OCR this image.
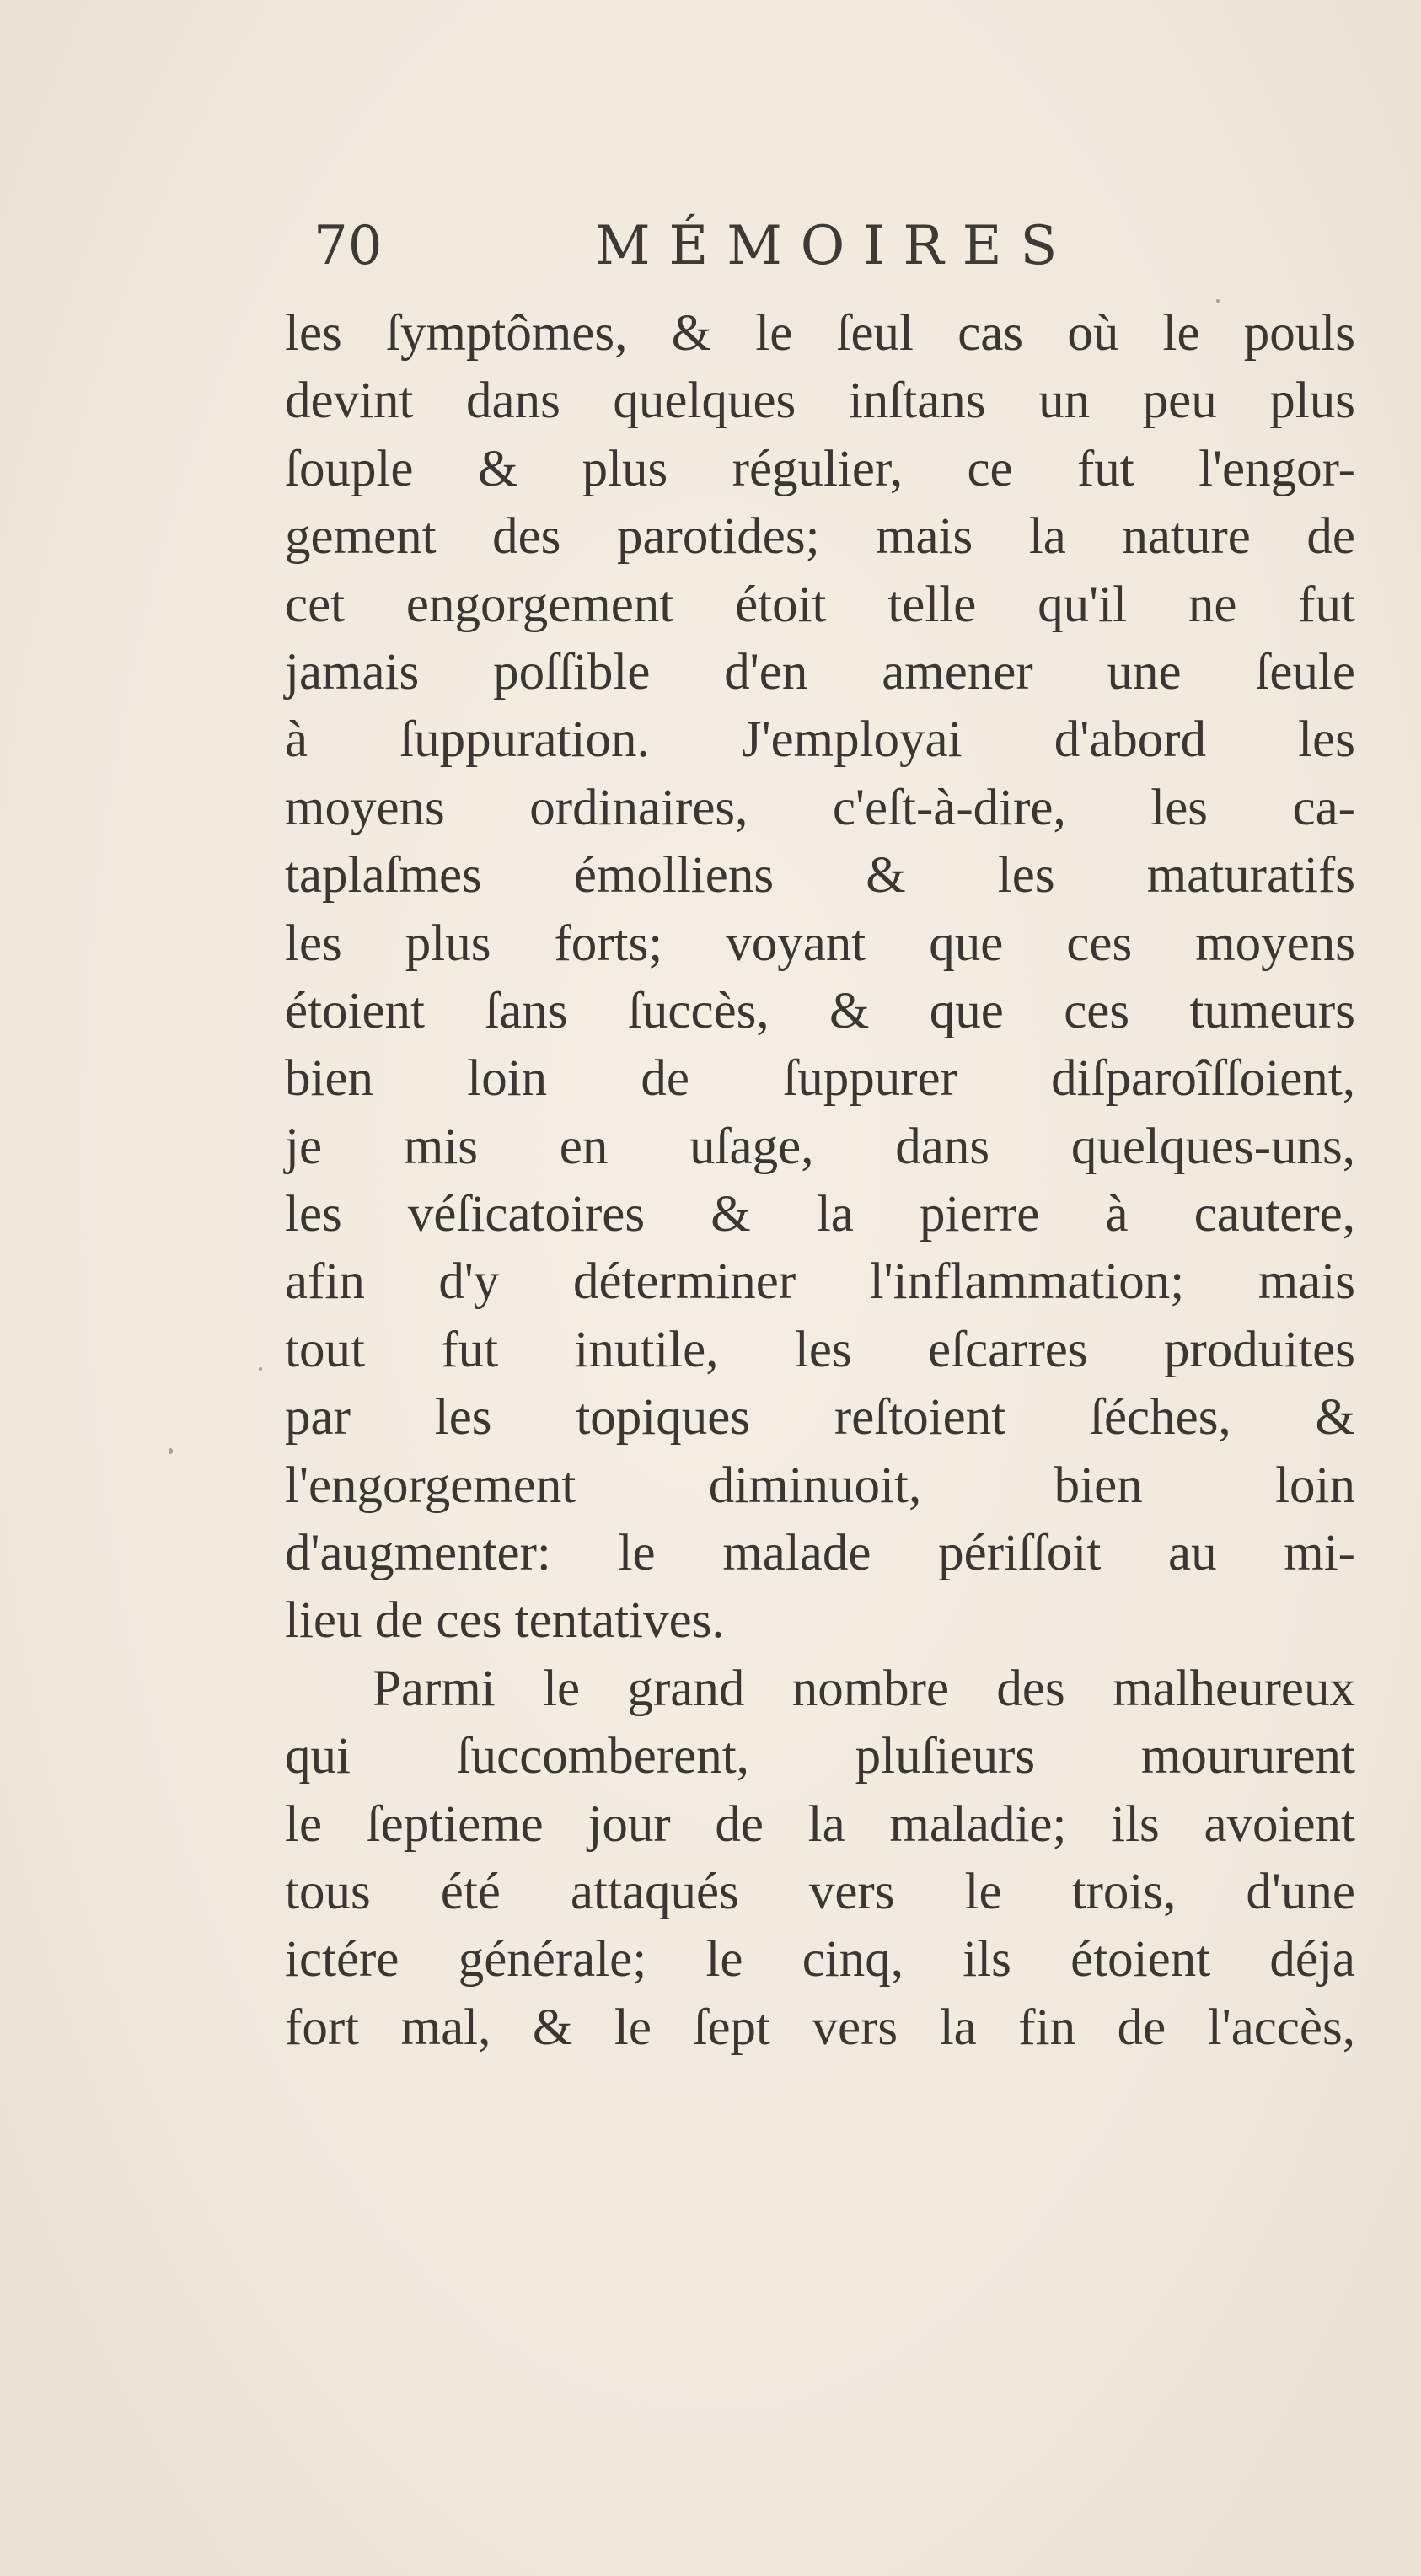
70	MÉMOIRES
les ſymptômes, & le ſeul cas où le pouls
devint dans quelques inſtans un peu plus
ſouple & plus régulier, ce fut l'engor-
gement des parotides; mais la nature de
cet engorgement étoit telle qu'il ne fut
jamais poſſible d'en amener une ſeule
à ſuppuration. J'employai d'abord les
moyens ordinaires, c'eſt-à-dire, les ca-
taplaſmes émolliens & les maturatifs
les plus forts; voyant que ces moyens
étoient ſans ſuccès, & que ces tumeurs
bien loin de ſuppurer diſparoîſſoient,
je mis en uſage, dans quelques-uns,
les véſicatoires & la pierre à cautere,
afin d'y déterminer l'inflammation; mais
tout fut inutile, les eſcarres produites
par les topiques reſtoient ſéches, &
l'engorgement diminuoit, bien loin
d'augmenter: le malade périſſoit au mi-
lieu de ces tentatives.
Parmi le grand nombre des malheureux
qui ſuccomberent, pluſieurs moururent
le ſeptieme jour de la maladie; ils avoient
tous été attaqués vers le trois, d'une
ictére générale; le cinq, ils étoient déja
fort mal, & le ſept vers la fin de l'accès,
